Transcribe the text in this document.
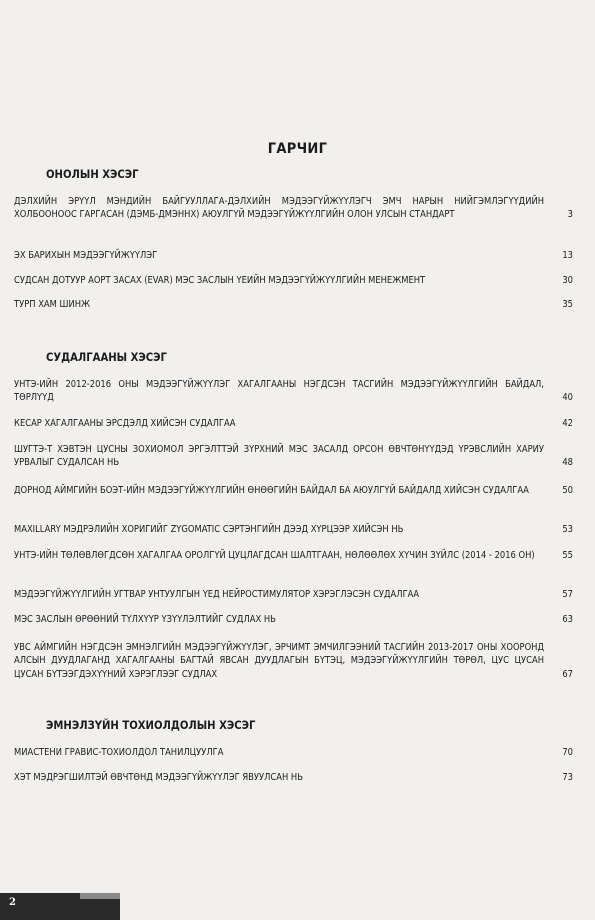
ГАРЧИГ
ОНОЛЫН ХЭСЭГ
ДЭЛХИЙН ЭРҮҮЛ МЭНДИЙН БАЙГУУЛЛАГА-ДЭЛХИЙН МЭДЭЭГҮЙЖҮҮЛЭГЧ ЭМЧ НАРЫН НИЙГЭМЛЭГҮҮДИЙН ХОЛБООНООС ГАРГАСАН (ДЭМБ-ДМЭННХ) АЮУЛГҮЙ МЭДЭЭГҮЙЖҮҮЛГИЙН ОЛОН УЛСЫН СТАНДАРТ	3
ЭХ БАРИХЫН МЭДЭЭГҮЙЖҮҮЛЭГ	13
СУДСАН ДОТУУР АОРТ ЗАСАХ (EVAR) МЭС ЗАСЛЫН ҮЕИЙН МЭДЭЭГҮЙЖҮҮЛГИЙН МЕНЕЖМЕНТ	30
ТУРП ХАМ ШИНЖ	35
СУДАЛГААНЫ ХЭСЭГ
УНТЭ-ИЙН 2012-2016 ОНЫ МЭДЭЭГҮЙЖҮҮЛЭГ ХАГАЛГААНЫ НЭГДСЭН ТАСГИЙН МЭДЭЭГҮЙЖҮҮЛГИЙН БАЙДАЛ, ТӨРЛҮҮД	40
КЕСАР ХАГАЛГААНЫ ЭРСДЭЛД ХИЙСЭН СУДАЛГАА	42
ШУГТЭ-Т ХЭВТЭН ЦУСНЫ ЗОХИОМОЛ ЭРГЭЛТТЭЙ ЗҮРХНИЙ МЭС ЗАСАЛД ОРСОН ӨВЧТӨНҮҮДЭД ҮРЭВСЛИЙН ХАРИУ УРВАЛЫГ СУДАЛСАН НЬ	48
ДОРНОД АЙМГИЙН БОЭТ-ИЙН МЭДЭЭГҮЙЖҮҮЛГИЙН ӨНӨӨГИЙН БАЙДАЛ БА АЮУЛГҮЙ БАЙДАЛД ХИЙСЭН СУДАЛГАА	50
MAXILLARY МЭДРЭЛИЙН ХОРИГИЙГ ZYGOMATIC СЭРТЭНГИЙН ДЭЭД ХҮРЦЭЭР ХИЙСЭН НЬ	53
УНТЭ-ИЙН ТӨЛӨВЛӨГДСӨН ХАГАЛГАА ОРОЛГҮЙ ЦУЦЛАГДСАН ШАЛТГААН, НӨЛӨӨЛӨХ ХҮЧИН ЗҮЙЛС (2014 - 2016 ОН)	55
МЭДЭЭГҮЙЖҮҮЛГИЙН УГТВАР УНТУУЛГЫН ҮЕД НЕЙРОСТИМУЛЯТОР ХЭРЭГЛЭСЭН СУДАЛГАА	57
МЭС ЗАСЛЫН ӨРӨӨНИЙ ТҮЛХҮҮР ҮЗҮҮЛЭЛТИЙГ СУДЛАХ НЬ	63
УВС АЙМГИЙН НЭГДСЭН ЭМНЭЛГИЙН МЭДЭЭГҮЙЖҮҮЛЭГ, ЭРЧИМТ ЭМЧИЛГЭЭНИЙ ТАСГИЙН 2013-2017 ОНЫ ХООРОНД АЛСЫН ДУУДЛАГАНД ХАГАЛГААНЫ БАГТАЙ ЯВСАН ДУУДЛАГЫН БҮТЭЦ, МЭДЭЭГҮЙЖҮҮЛГИЙН ТӨРӨЛ, ЦУС ЦУСАН ЦУСАН БҮТЭЭГДЭХҮҮНИЙ ХЭРЭГЛЭЭГ СУДЛАХ	67
ЭМНЭЛЗҮЙН ТОХИОЛДОЛЫН ХЭСЭГ
МИАСТЕНИ ГРАВИС-ТОХИОЛДОЛ ТАНИЛЦУУЛГА	70
ХЭТ МЭДРЭГШИЛТЭЙ ӨВЧТӨНД МЭДЭЭГҮЙЖҮҮЛЭГ ЯВУУЛСАН НЬ	73
2
